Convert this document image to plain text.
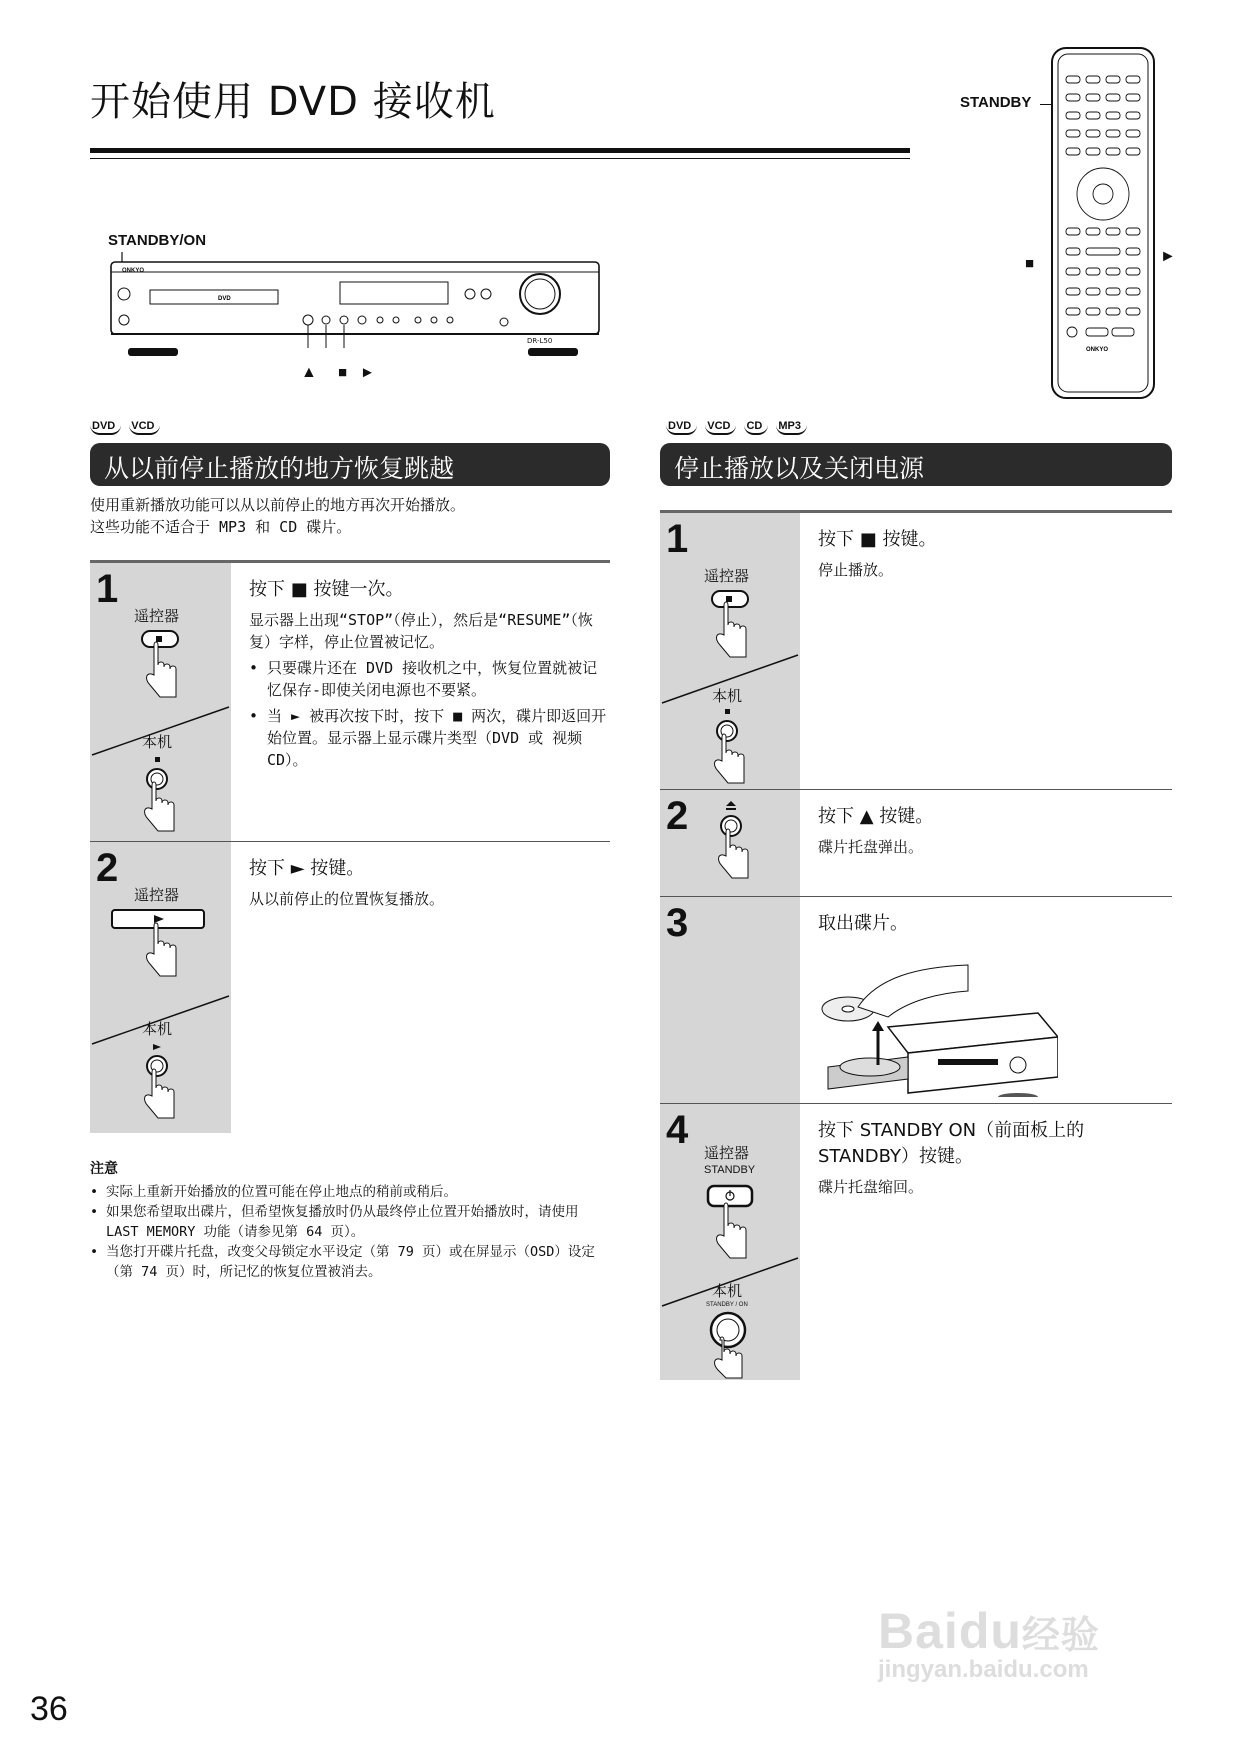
开始使用 DVD 接收机
STANDBY/ON
DVD
ONKYO
DR-L50
▲ ■ ►
STANDBY
■	►
ONKYO
DVD	VCD
从以前停止播放的地方恢复跳越
使用重新播放功能可以从以前停止的地方再次开始播放。
这些功能不适合于 MP3 和 CD 碟片。
1
遥控器
本机
按下 ■ 按键一次。
显示器上出现“STOP”（停止），然后是“RESUME”（恢复）字样，停止位置被记忆。
• 只要碟片还在 DVD 接收机之中，恢复位置就被记忆保存-即使关闭电源也不要紧。
• 当 ► 被再次按下时，按下 ■ 两次，碟片即返回开始位置。显示器上显示碟片类型（DVD 或 视频 CD）。
2
遥控器
本机
按下 ► 按键。
从以前停止的位置恢复播放。
注意
• 实际上重新开始播放的位置可能在停止地点的稍前或稍后。
• 如果您希望取出碟片，但希望恢复播放时仍从最终停止位置开始播放时，请使用 LAST MEMORY 功能（请参见第 64 页）。
• 当您打开碟片托盘，改变父母锁定水平设定（第 79 页）或在屏显示（OSD）设定（第 74 页）时，所记忆的恢复位置被消去。
DVD	VCD	CD	MP3
停止播放以及关闭电源
1
遥控器
本机
按下 ■ 按键。
停止播放。
2	按下 ▲ 按键。
碟片托盘弹出。
3	取出碟片。
4
遥控器
STANDBY
本机
STANDBY / ON
按下 STANDBY ON（前面板上的 STANDBY）按键。
碟片托盘缩回。
36
Baidu经验
jingyan.baidu.com
